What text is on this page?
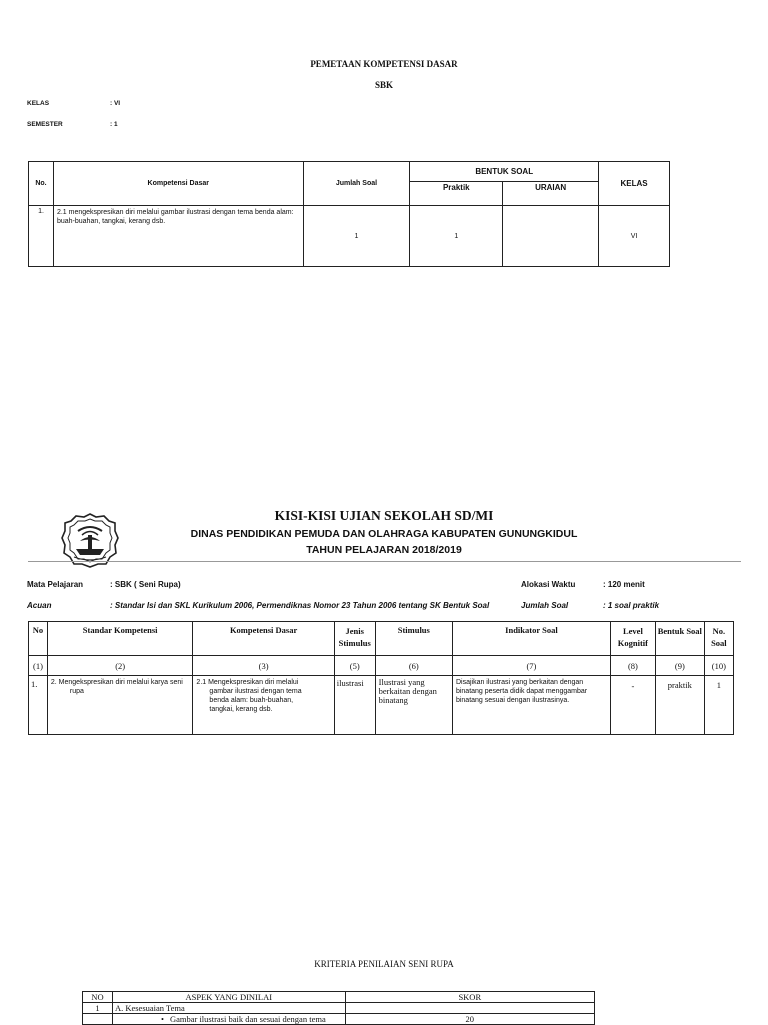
PEMETAAN KOMPETENSI DASAR
SBK
KELAS	: VI
SEMESTER	: 1
No.	Kompetensi Dasar	Jumlah Soal	BENTUK SOAL		KELAS
			Praktik	URAIAN	
1.	2.1 mengekspresikan diri melalui gambar ilustrasi dengan tema benda alam: buah-buahan, tangkai, kerang dsb.	1	1		VI
KISI-KISI UJIAN SEKOLAH SD/MI
DINAS PENDIDIKAN PEMUDA DAN OLAHRAGA KABUPATEN GUNUNGKIDUL
TAHUN PELAJARAN 2018/2019
Mata Pelajaran	: SBK ( Seni Rupa)	Alokasi Waktu	: 120 menit
Acuan	: Standar Isi dan SKL Kurikulum 2006, Permendiknas Nomor 23 Tahun 2006 tentang SK Bentuk Soal	Jumlah Soal	: 1 soal praktik
No	Standar Kompetensi	Kompetensi Dasar	Jenis Stimulus	Stimulus	Indikator Soal	Level Kognitif	Bentuk Soal	No. Soal
(1)	(2)	(3)	(5)	(6)	(7)	(8)	(9)	(10)
1.	2. Mengekspresikan diri melalui karya seni rupa	2.1 Mengekspresikan diri melalui gambar ilustrasi dengan tema benda alam: buah-buahan, tangkai, kerang dsb.	ilustrasi	Ilustrasi yang berkaitan dengan binatang	Disajikan ilustrasi yang berkaitan dengan binatang peserta didik dapat menggambar binatang sesuai dengan ilustrasinya.	-	praktik	1
KRITERIA PENILAIAN SENI RUPA
NO	ASPEK YANG DINILAI	SKOR
1	A. Kesesuaian Tema	
	• Gambar ilustrasi baik dan sesuai dengan tema	20
